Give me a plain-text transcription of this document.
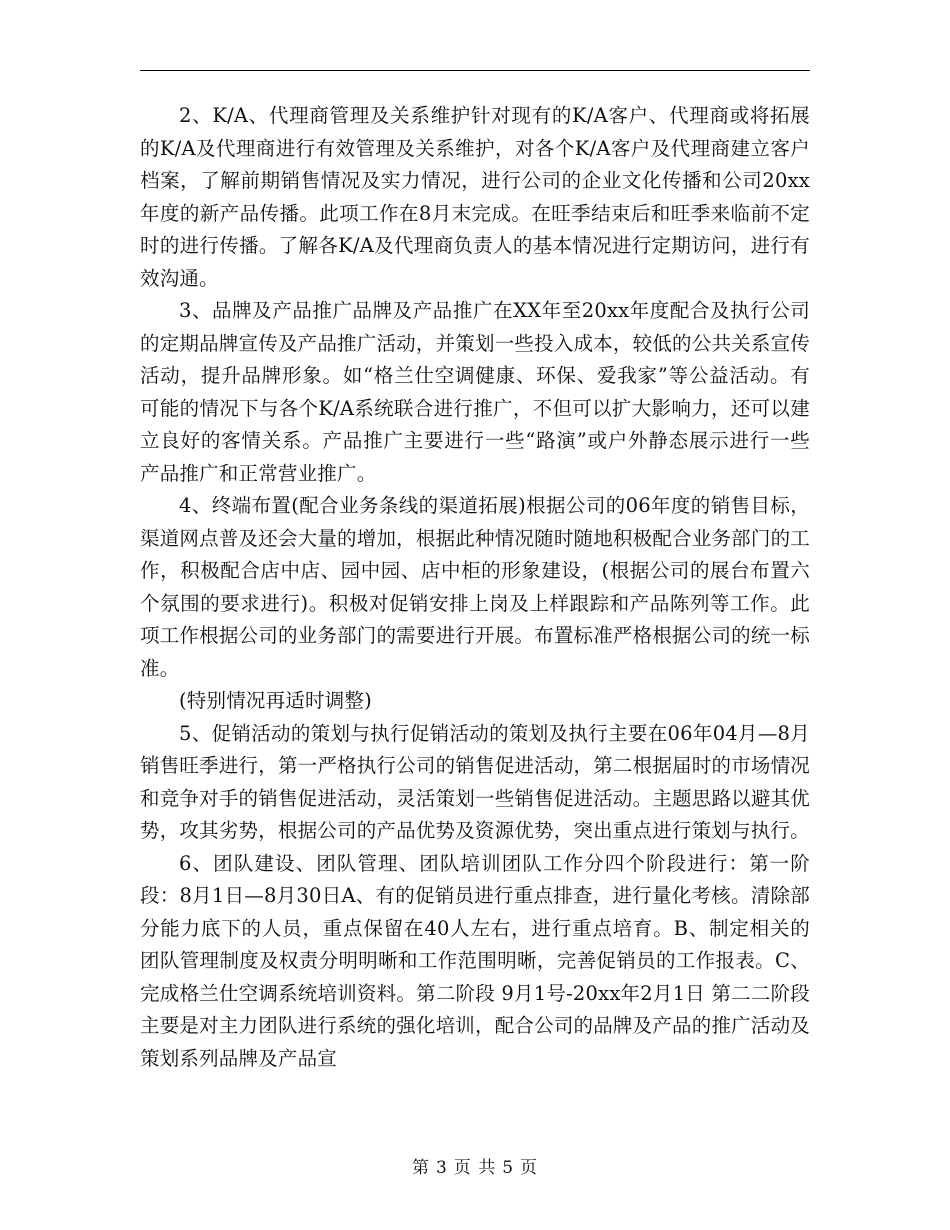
2、K/A、代理商管理及关系维护针对现有的K/A客户、代理商或将拓展的K/A及代理商进行有效管理及关系维护，对各个K/A客户及代理商建立客户档案，了解前期销售情况及实力情况，进行公司的企业文化传播和公司20xx年度的新产品传播。此项工作在8月末完成。在旺季结束后和旺季来临前不定时的进行传播。了解各K/A及代理商负责人的基本情况进行定期访问，进行有效沟通。

3、品牌及产品推广品牌及产品推广在XX年至20xx年度配合及执行公司的定期品牌宣传及产品推广活动，并策划一些投入成本，较低的公共关系宣传活动，提升品牌形象。如“格兰仕空调健康、环保、爱我家”等公益活动。有可能的情况下与各个K/A系统联合进行推广，不但可以扩大影响力，还可以建立良好的客情关系。产品推广主要进行一些“路演”或户外静态展示进行一些产品推广和正常营业推广。

4、终端布置(配合业务条线的渠道拓展)根据公司的06年度的销售目标，渠道网点普及还会大量的增加，根据此种情况随时随地积极配合业务部门的工作，积极配合店中店、园中园、店中柜的形象建设，(根据公司的展台布置六个氛围的要求进行)。积极对促销安排上岗及上样跟踪和产品陈列等工作。此项工作根据公司的业务部门的需要进行开展。布置标准严格根据公司的统一标准。

(特别情况再适时调整)

5、促销活动的策划与执行促销活动的策划及执行主要在06年04月—8月销售旺季进行，第一严格执行公司的销售促进活动，第二根据届时的市场情况和竞争对手的销售促进活动，灵活策划一些销售促进活动。主题思路以避其优势，攻其劣势，根据公司的产品优势及资源优势，突出重点进行策划与执行。

6、团队建设、团队管理、团队培训团队工作分四个阶段进行：第一阶段：8月1日—8月30日A、有的促销员进行重点排查，进行量化考核。清除部分能力底下的人员，重点保留在40人左右，进行重点培育。B、制定相关的团队管理制度及权责分明明晰和工作范围明晰，完善促销员的工作报表。C、完成格兰仕空调系统培训资料。第二阶段 9月1号-20xx年2月1日 第二二阶段主要是对主力团队进行系统的强化培训，配合公司的品牌及产品的推广活动及策划系列品牌及产品宣

第 3 页 共 5 页
